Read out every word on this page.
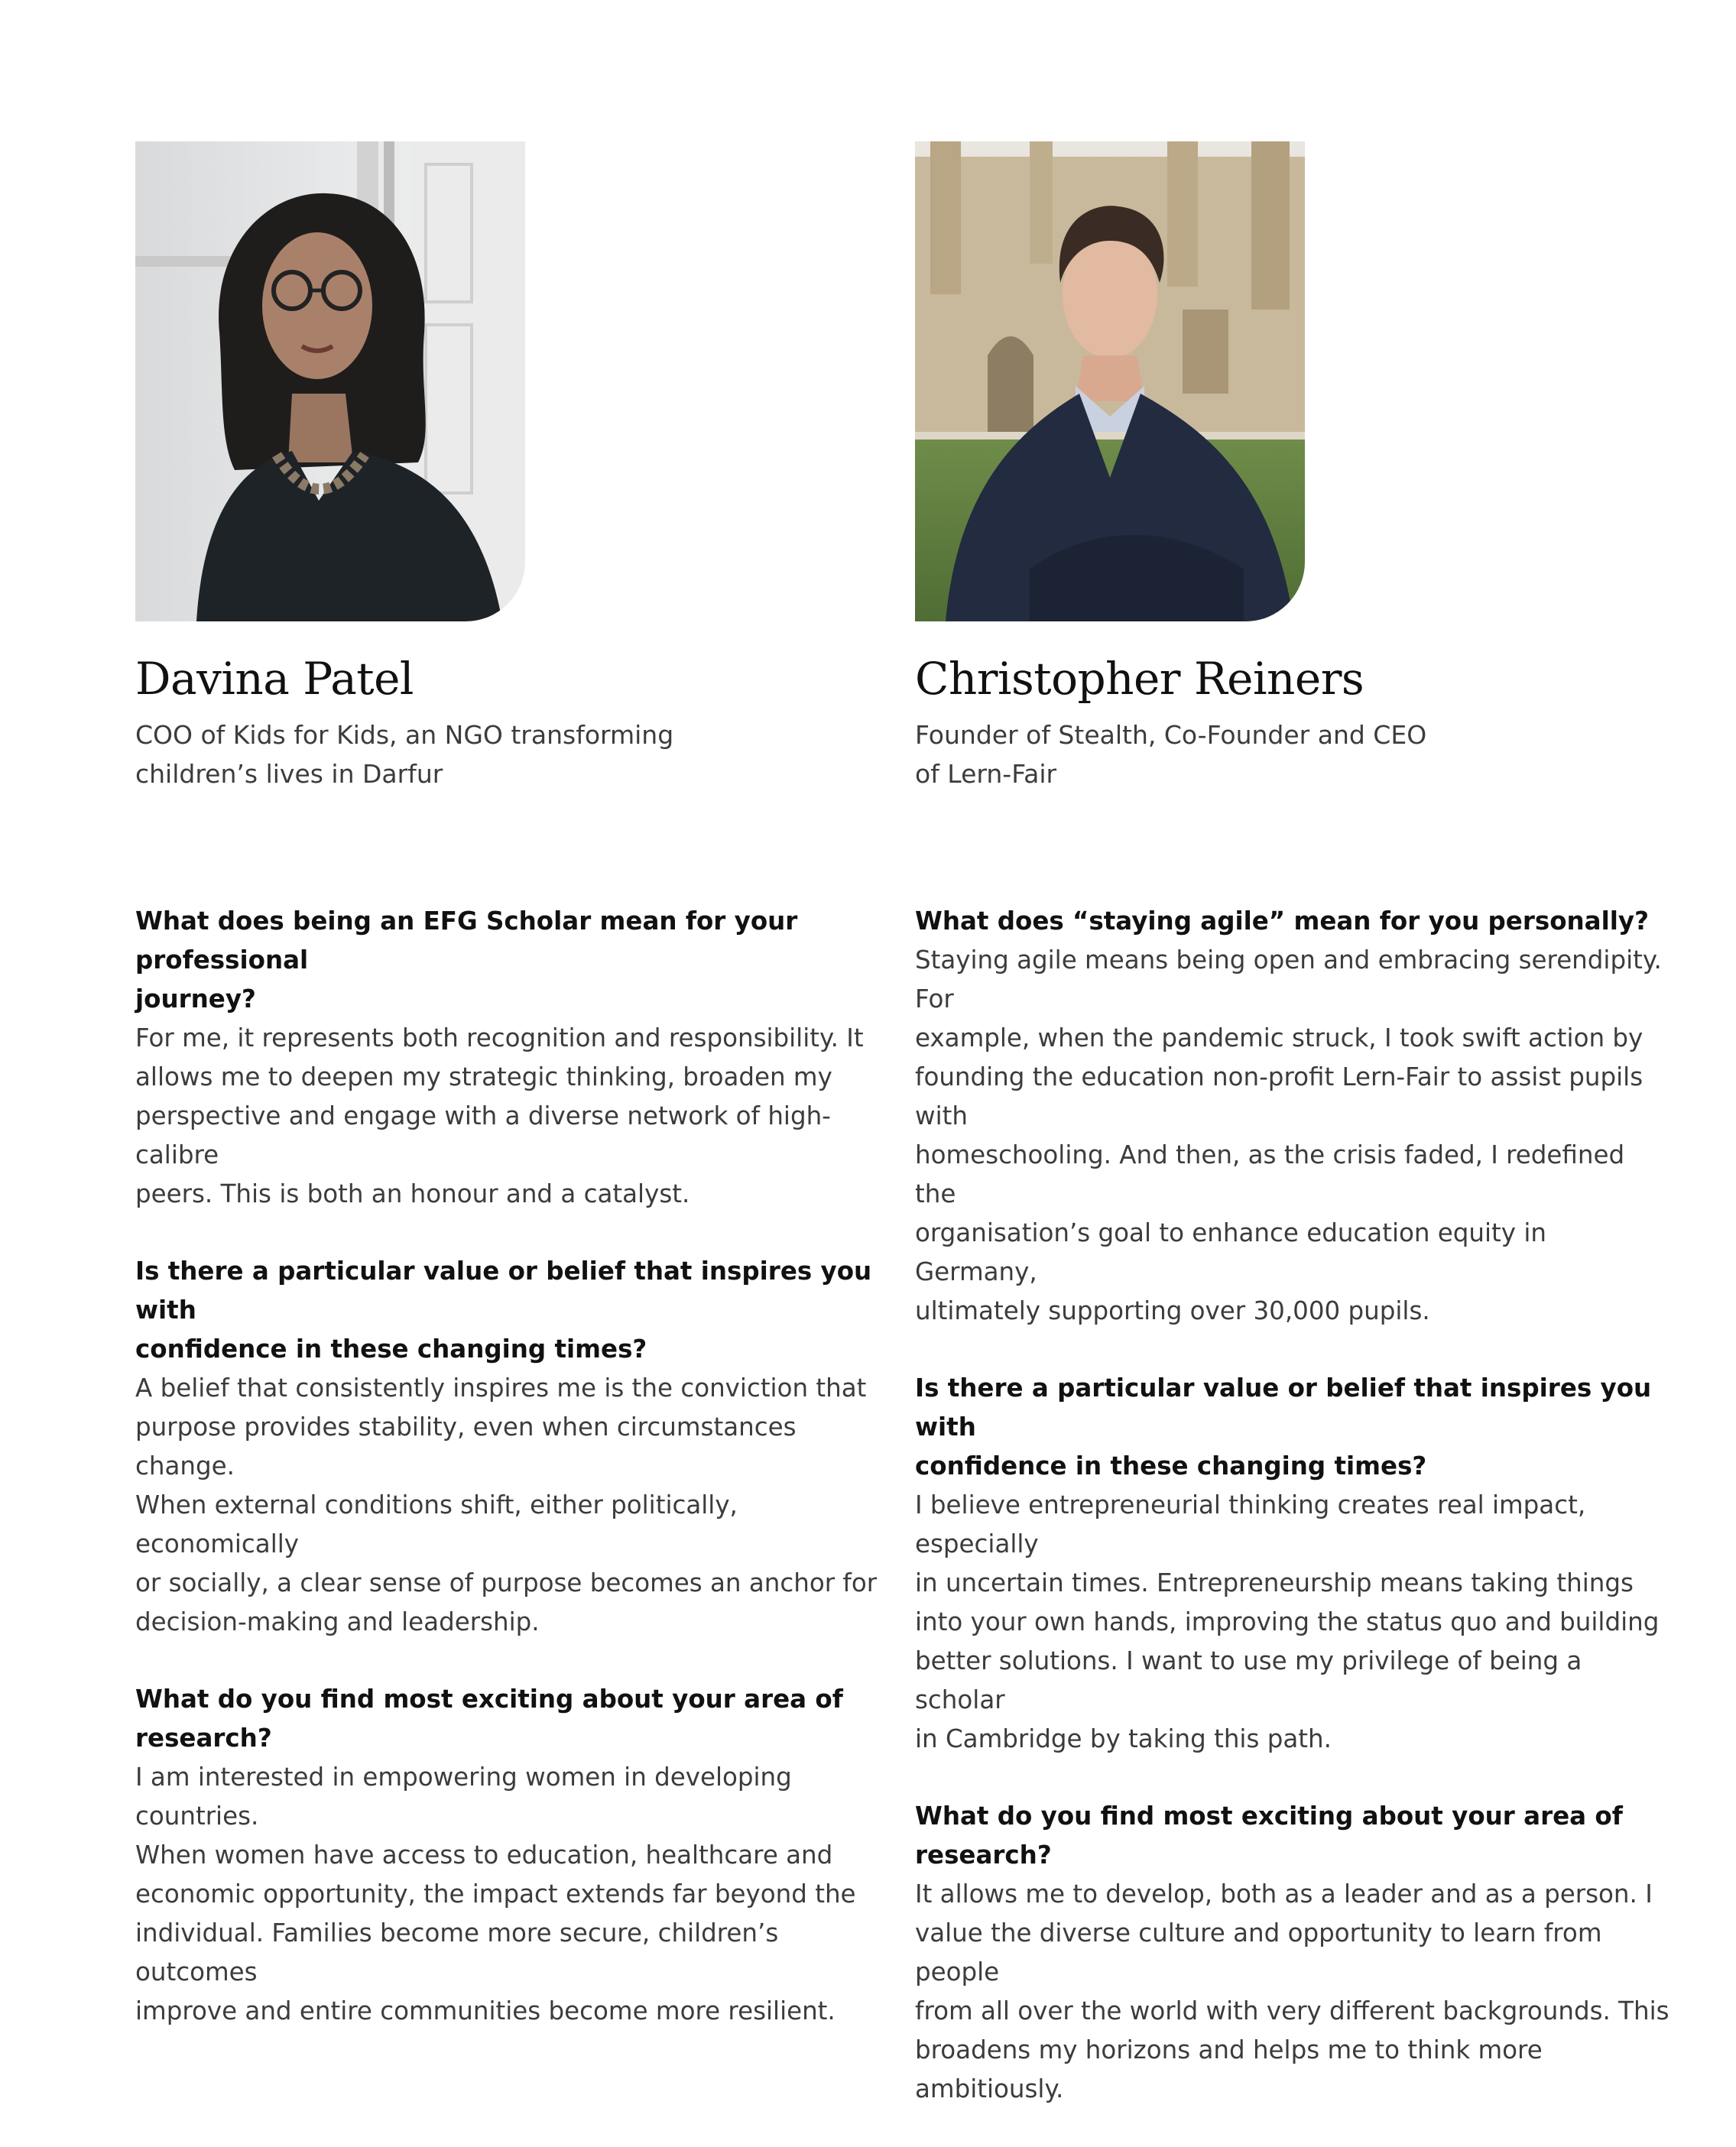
Davina Patel
COO of Kids for Kids, an NGO transforming
children’s lives in Darfur
Christopher Reiners
Founder of Stealth, Co-Founder and CEO
of Lern-Fair
What does being an EFG Scholar mean for your professional
journey?
For me, it represents both recognition and responsibility. It
allows me to deepen my strategic thinking, broaden my
perspective and engage with a diverse network of high-calibre
peers. This is both an honour and a catalyst.
Is there a particular value or belief that inspires you with
confidence in these changing times?
A belief that consistently inspires me is the conviction that
purpose provides stability, even when circumstances change.
When external conditions shift, either politically, economically
or socially, a clear sense of purpose becomes an anchor for
decision-making and leadership.
What do you find most exciting about your area of research?
I am interested in empowering women in developing countries.
When women have access to education, healthcare and
economic opportunity, the impact extends far beyond the
individual. Families become more secure, children’s outcomes
improve and entire communities become more resilient.
What does “staying agile” mean for you personally?
Staying agile means being open and embracing serendipity. For
example, when the pandemic struck, I took swift action by
founding the education non-profit Lern-Fair to assist pupils with
homeschooling. And then, as the crisis faded, I redefined the
organisation’s goal to enhance education equity in Germany,
ultimately supporting over 30,000 pupils.
Is there a particular value or belief that inspires you with
confidence in these changing times?
I believe entrepreneurial thinking creates real impact, especially
in uncertain times. Entrepreneurship means taking things
into your own hands, improving the status quo and building
better solutions. I want to use my privilege of being a scholar
in Cambridge by taking this path.
What do you find most exciting about your area of research?
It allows me to develop, both as a leader and as a person. I
value the diverse culture and opportunity to learn from people
from all over the world with very different backgrounds. This
broadens my horizons and helps me to think more ambitiously.
